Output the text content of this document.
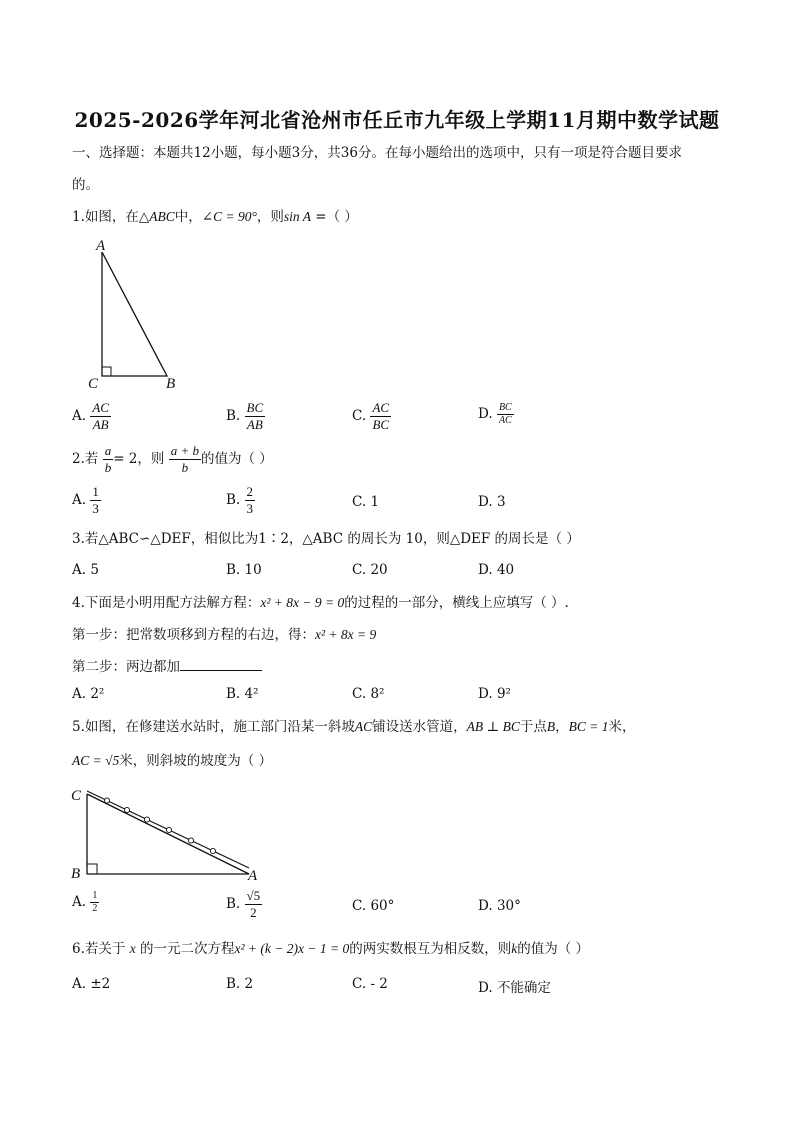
2025-2026学年河北省沧州市任丘市九年级上学期11月期中数学试题
一、选择题：本题共12小题，每小题3分，共36分。在每小题给出的选项中，只有一项是符合题目要求
的。
1.如图，在△ABC中，∠C = 90°，则sin A =（ ）
A
C	B
A. $\frac{AC}{AB}$	B. $\frac{BC}{AB}$	C. $\frac{AC}{BC}$	D. $\frac{BC}{AC}$
2.若 $\frac{a}{b} = 2$，则 $\frac{a + b}{b}$ 的值为（ ）
A. $\frac{1}{3}$	B. $\frac{2}{3}$	C. 1	D. 3
3.若△ABC∽△DEF，相似比为1∶2，△ABC 的周长为 10，则△DEF 的周长是（ ）
A. 5	B. 10	C. 20	D. 40
4.下面是小明用配方法解方程：x² + 8x − 9 = 0的过程的一部分，横线上应填写（ ）.
第一步：把常数项移到方程的右边，得：x² + 8x = 9
第二步：两边都加
A. 2²	B. 4²	C. 8²	D. 9²
5.如图，在修建送水站时，施工部门沿某一斜坡AC铺设送水管道，AB ⊥ BC于点B，BC = 1米，
AC = √5米，则斜坡的坡度为（ ）
C
B	A
A. $\frac{1}{2}$	B. $\frac{√5}{2}$	C. 60°	D. 30°
6.若关于 x 的一元二次方程x² + (k − 2)x − 1 = 0的两实数根互为相反数，则k的值为（ ）
A. ±2	B. 2	C. - 2	D. 不能确定
